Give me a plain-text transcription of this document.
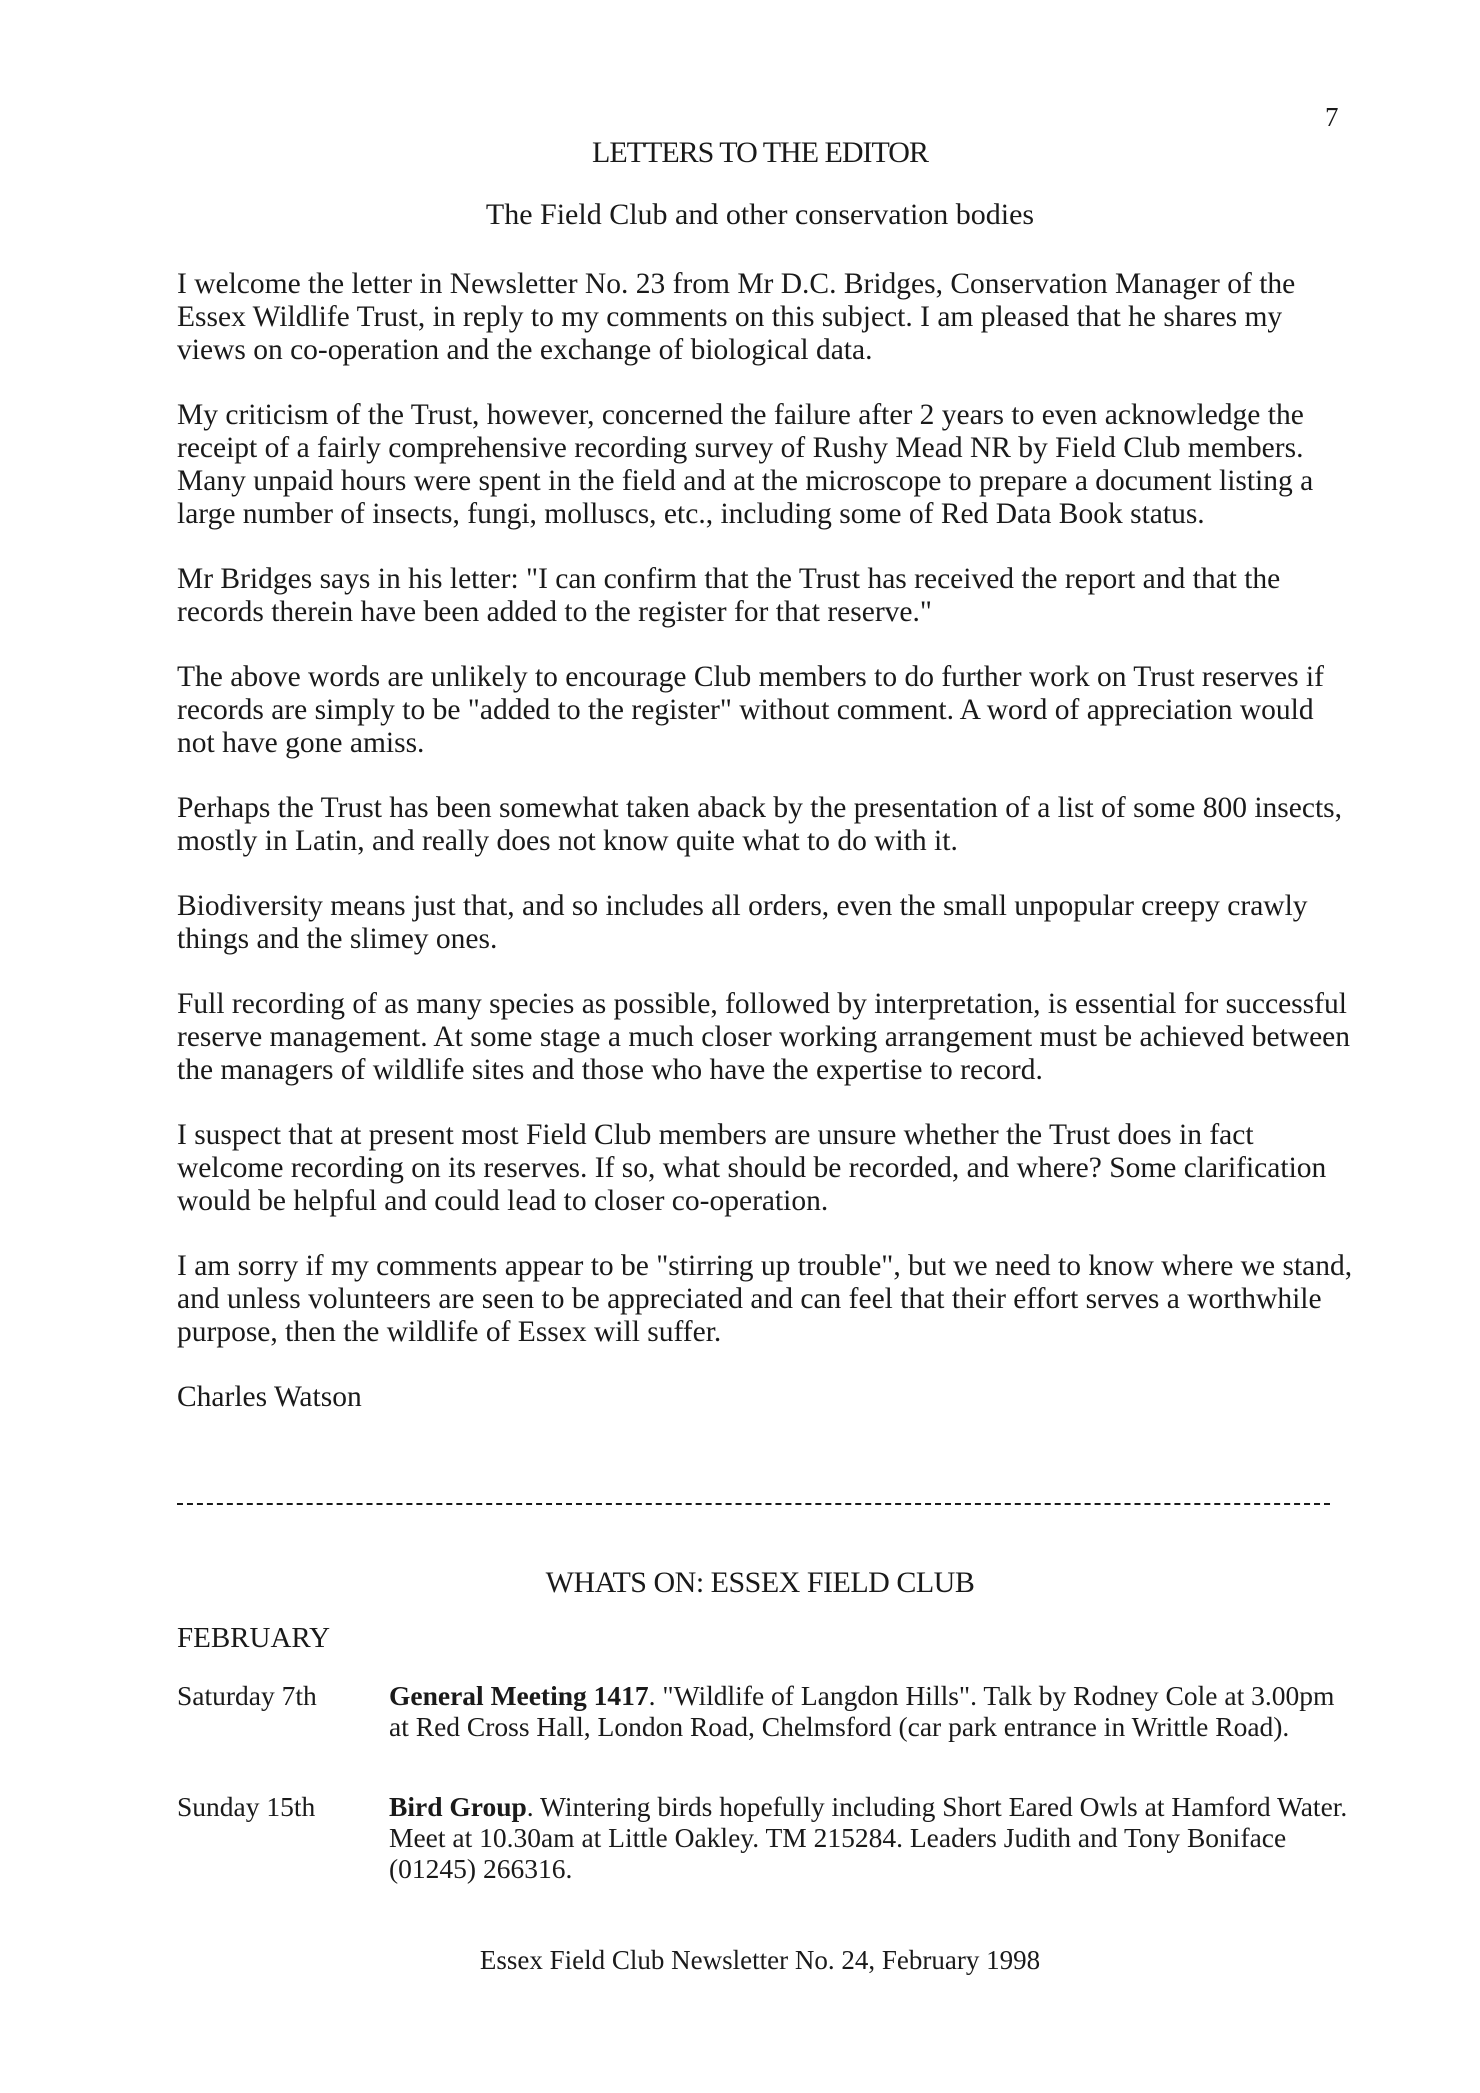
7
LETTERS TO THE EDITOR
The Field Club and other conservation bodies

I welcome the letter in Newsletter No. 23 from Mr D.C. Bridges, Conservation Manager of the Essex Wildlife Trust, in reply to my comments on this subject. I am pleased that he shares my views on co-operation and the exchange of biological data.

My criticism of the Trust, however, concerned the failure after 2 years to even acknowledge the receipt of a fairly comprehensive recording survey of Rushy Mead NR by Field Club members. Many unpaid hours were spent in the field and at the microscope to prepare a document listing a large number of insects, fungi, molluscs, etc., including some of Red Data Book status.

Mr Bridges says in his letter: "I can confirm that the Trust has received the report and that the records therein have been added to the register for that reserve."

The above words are unlikely to encourage Club members to do further work on Trust reserves if records are simply to be "added to the register" without comment. A word of appreciation would not have gone amiss.

Perhaps the Trust has been somewhat taken aback by the presentation of a list of some 800 insects, mostly in Latin, and really does not know quite what to do with it.

Biodiversity means just that, and so includes all orders, even the small unpopular creepy crawly things and the slimey ones.

Full recording of as many species as possible, followed by interpretation, is essential for successful reserve management. At some stage a much closer working arrangement must be achieved between the managers of wildlife sites and those who have the expertise to record.

I suspect that at present most Field Club members are unsure whether the Trust does in fact welcome recording on its reserves. If so, what should be recorded, and where? Some clarification would be helpful and could lead to closer co-operation.

I am sorry if my comments appear to be "stirring up trouble", but we need to know where we stand, and unless volunteers are seen to be appreciated and can feel that their effort serves a worthwhile purpose, then the wildlife of Essex will suffer.

Charles Watson

WHATS ON: ESSEX FIELD CLUB
FEBRUARY
Saturday 7th	General Meeting 1417. "Wildlife of Langdon Hills". Talk by Rodney Cole at 3.00pm at Red Cross Hall, London Road, Chelmsford (car park entrance in Writtle Road).
Sunday 15th	Bird Group. Wintering birds hopefully including Short Eared Owls at Hamford Water. Meet at 10.30am at Little Oakley. TM 215284. Leaders Judith and Tony Boniface (01245) 266316.
Essex Field Club Newsletter No. 24, February 1998
